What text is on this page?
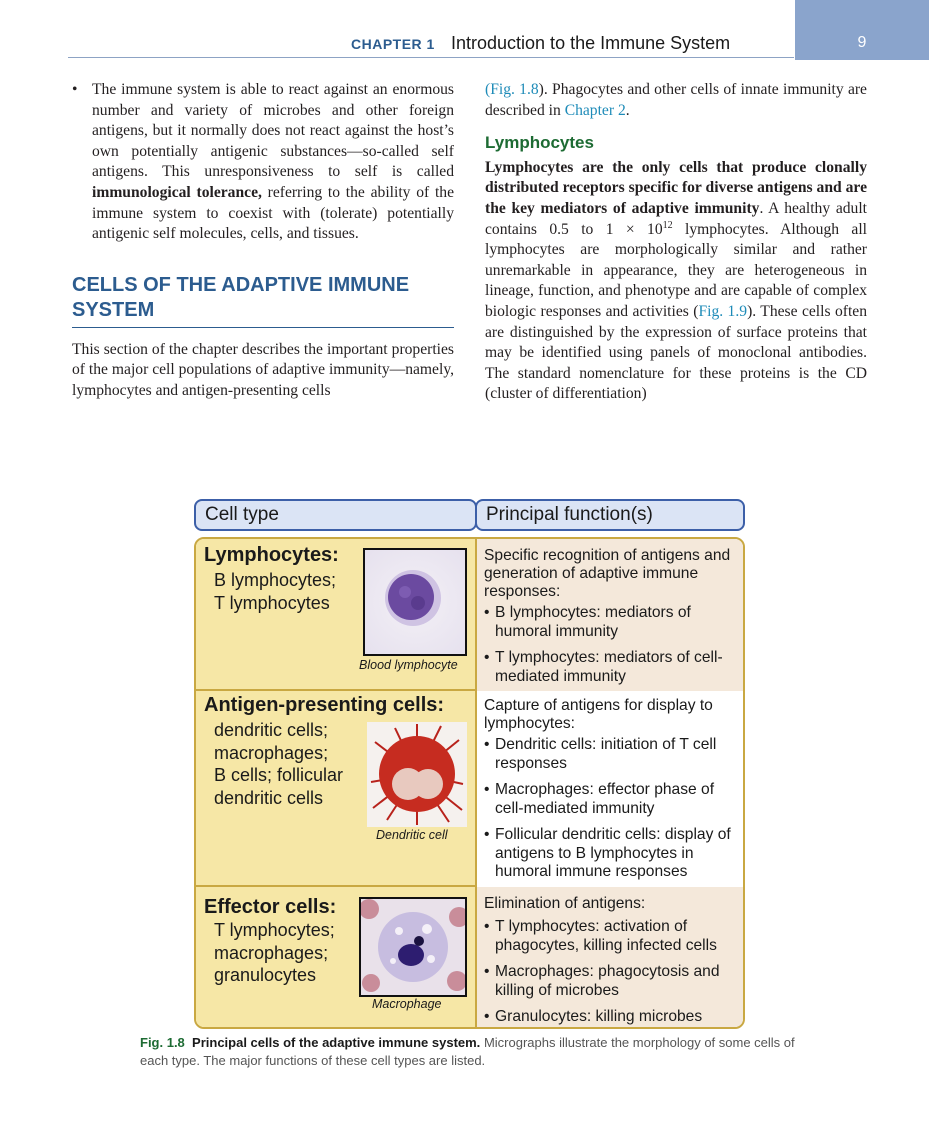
CHAPTER 1 Introduction to the Immune System	9

• The immune system is able to react against an enormous number and variety of microbes and other foreign antigens, but it normally does not react against the host’s own potentially antigenic substances—so-called self antigens. This unresponsiveness to self is called immunological tolerance, referring to the ability of the immune system to coexist with (tolerate) potentially antigenic self molecules, cells, and tissues.

CELLS OF THE ADAPTIVE IMMUNE SYSTEM

This section of the chapter describes the important properties of the major cell populations of adaptive immunity—namely, lymphocytes and antigen-presenting cells

(Fig. 1.8). Phagocytes and other cells of innate immunity are described in Chapter 2.

Lymphocytes

Lymphocytes are the only cells that produce clonally distributed receptors specific for diverse antigens and are the key mediators of adaptive immunity. A healthy adult contains 0.5 to $1 \times 10^{12}$ lymphocytes. Although all lymphocytes are morphologically similar and rather unremarkable in appearance, they are heterogeneous in lineage, function, and phenotype and are capable of complex biologic responses and activities (Fig. 1.9). These cells often are distinguished by the expression of surface proteins that may be identified using panels of monoclonal antibodies. The standard nomenclature for these proteins is the CD (cluster of differentiation)

Cell type	Principal function(s)
Lymphocytes:
B lymphocytes;
T lymphocytes
Blood lymphocyte
Specific recognition of antigens and generation of adaptive immune responses:
• B lymphocytes: mediators of humoral immunity
• T lymphocytes: mediators of cell-mediated immunity
Antigen-presenting cells:
dendritic cells;
macrophages;
B cells; follicular
dendritic cells
Dendritic cell
Capture of antigens for display to lymphocytes:
• Dendritic cells: initiation of T cell responses
• Macrophages: effector phase of cell-mediated immunity
• Follicular dendritic cells: display of antigens to B lymphocytes in humoral immune responses
Effector cells:
T lymphocytes;
macrophages;
granulocytes
Macrophage
Elimination of antigens:
• T lymphocytes: activation of phagocytes, killing infected cells
• Macrophages: phagocytosis and killing of microbes
• Granulocytes: killing microbes
Fig. 1.8 Principal cells of the adaptive immune system. Micrographs illustrate the morphology of some cells of each type. The major functions of these cell types are listed.
